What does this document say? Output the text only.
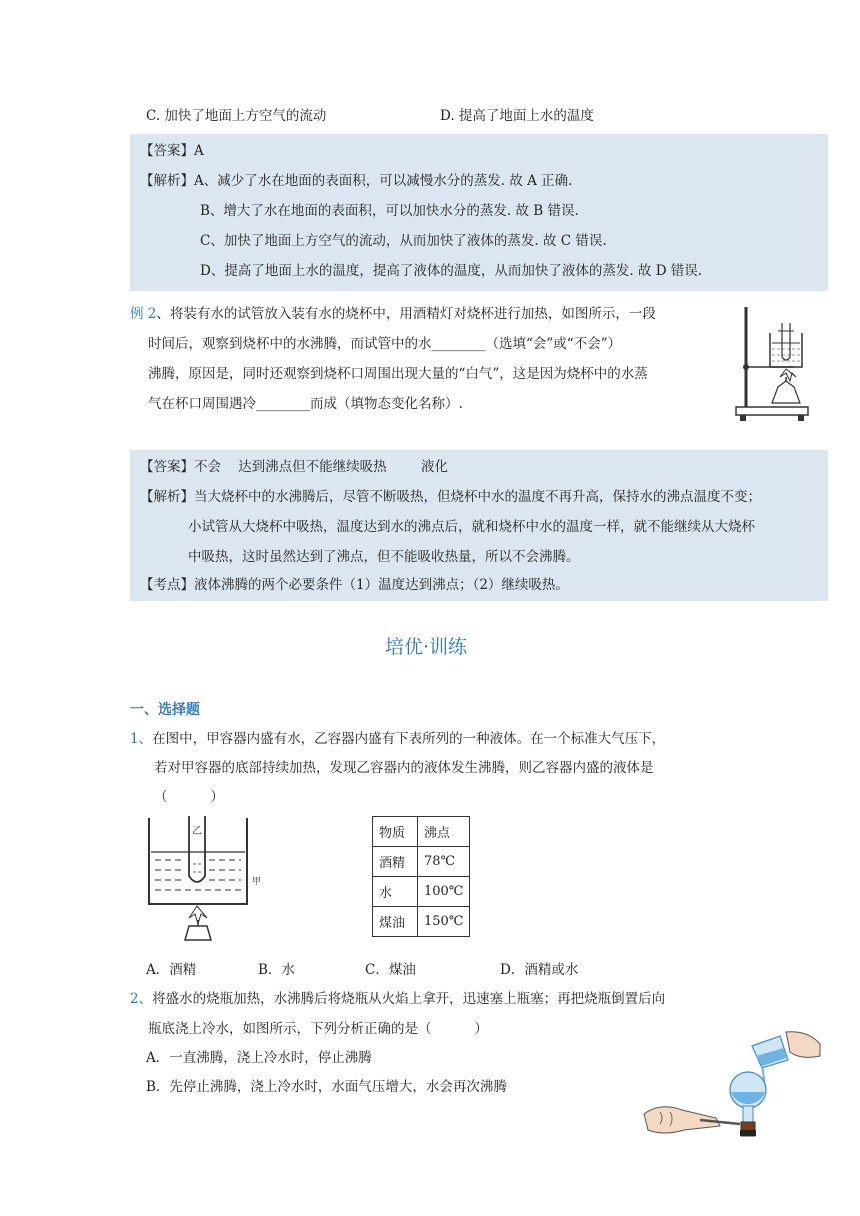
C. 加快了地面上方空气的流动	D. 提高了地面上水的温度
【答案】A
【解析】A、减少了水在地面的表面积，可以减慢水分的蒸发. 故 A 正确.
B、增大了水在地面的表面积，可以加快水分的蒸发. 故 B 错误.
C、加快了地面上方空气的流动，从而加快了液体的蒸发. 故 C 错误.
D、提高了地面上水的温度，提高了液体的温度，从而加快了液体的蒸发. 故 D 错误.
例 2、将装有水的试管放入装有水的烧杯中，用酒精灯对烧杯进行加热，如图所示，一段
时间后，观察到烧杯中的水沸腾，而试管中的水________（选填“会”或“不会”）
沸腾，原因是，同时还观察到烧杯口周围出现大量的“白气”，这是因为烧杯中的水蒸
气在杯口周围遇冷________而成（填物态变化名称）.
【答案】不会    达到沸点但不能继续吸热        液化
【解析】当大烧杯中的水沸腾后，尽管不断吸热，但烧杯中水的温度不再升高，保持水的沸点温度不变；
小试管从大烧杯中吸热，温度达到水的沸点后，就和烧杯中水的温度一样，就不能继续从大烧杯
中吸热，这时虽然达到了沸点，但不能吸收热量，所以不会沸腾。
【考点】液体沸腾的两个必要条件（1）温度达到沸点；（2）继续吸热。
培优·训练
一、选择题
1、在图中，甲容器内盛有水，乙容器内盛有下表所列的一种液体。在一个标准大气压下，
若对甲容器的底部持续加热，发现乙容器内的液体发生沸腾，则乙容器内盛的液体是
（          ）
乙
甲
物质	沸点
酒精	78℃
水	100℃
煤油	150℃
A．酒精	B．水	C．煤油	D．酒精或水
2、将盛水的烧瓶加热，水沸腾后将烧瓶从火焰上拿开，迅速塞上瓶塞；再把烧瓶倒置后向
瓶底浇上冷水，如图所示，下列分析正确的是（          ）
A．一直沸腾，浇上冷水时，停止沸腾
B．先停止沸腾，浇上冷水时，水面气压增大，水会再次沸腾
